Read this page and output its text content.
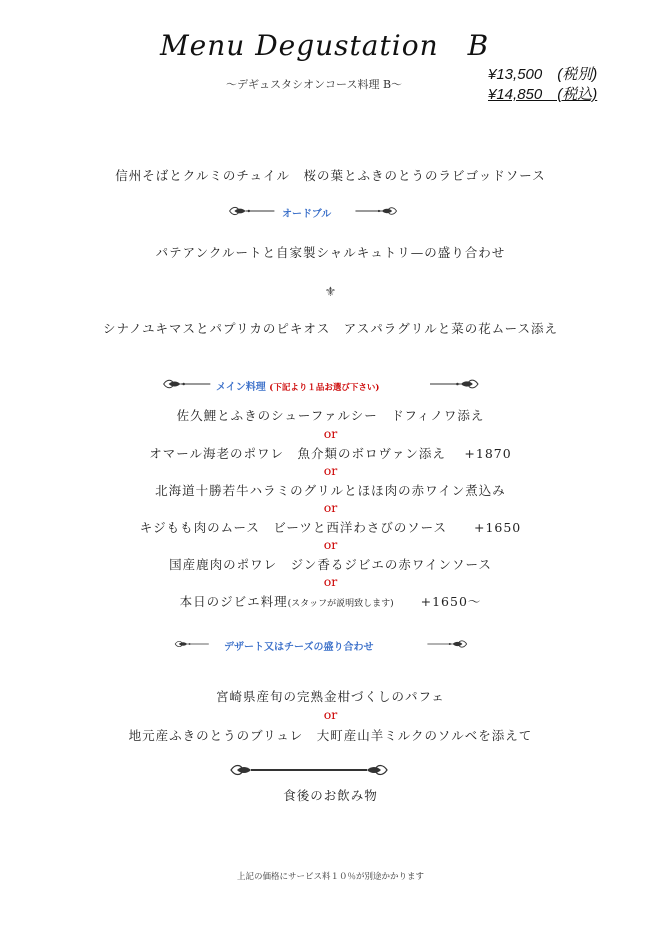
Menu Degustation　B
～デギュスタシオンコース料理 B～
¥13,500　(税別)
¥14,850　(税込)
信州そばとクルミのチュイル　桜の葉とふきのとうのラビゴッドソース
オードブル
パテアンクルートと自家製シャルキュトリ—の盛り合わせ
⚜
シナノユキマスとパプリカのピキオス　アスパラグリルと菜の花ムース添え
メイン料理 (下記より１品お選び下さい)
佐久鯉とふきのシューファルシー　ドフィノワ添え
or
オマール海老のポワレ　魚介類のボロヴァン添え　 +1870
or
北海道十勝若牛ハラミのグリルとほほ肉の赤ワイン煮込み
or
キジもも肉のムース　ビーツと西洋わさびのソース　　+1650
or
国産鹿肉のポワレ　ジン香るジビエの赤ワインソース
or
本日のジビエ料理(スタッフが説明致します)　　 +1650～
デザート又はチーズの盛り合わせ
宮崎県産旬の完熟金柑づくしのパフェ
or
地元産ふきのとうのブリュレ　大町産山羊ミルクのソルベを添えて
食後のお飲み物
上記の価格にサービス料１０％が別途かかります
